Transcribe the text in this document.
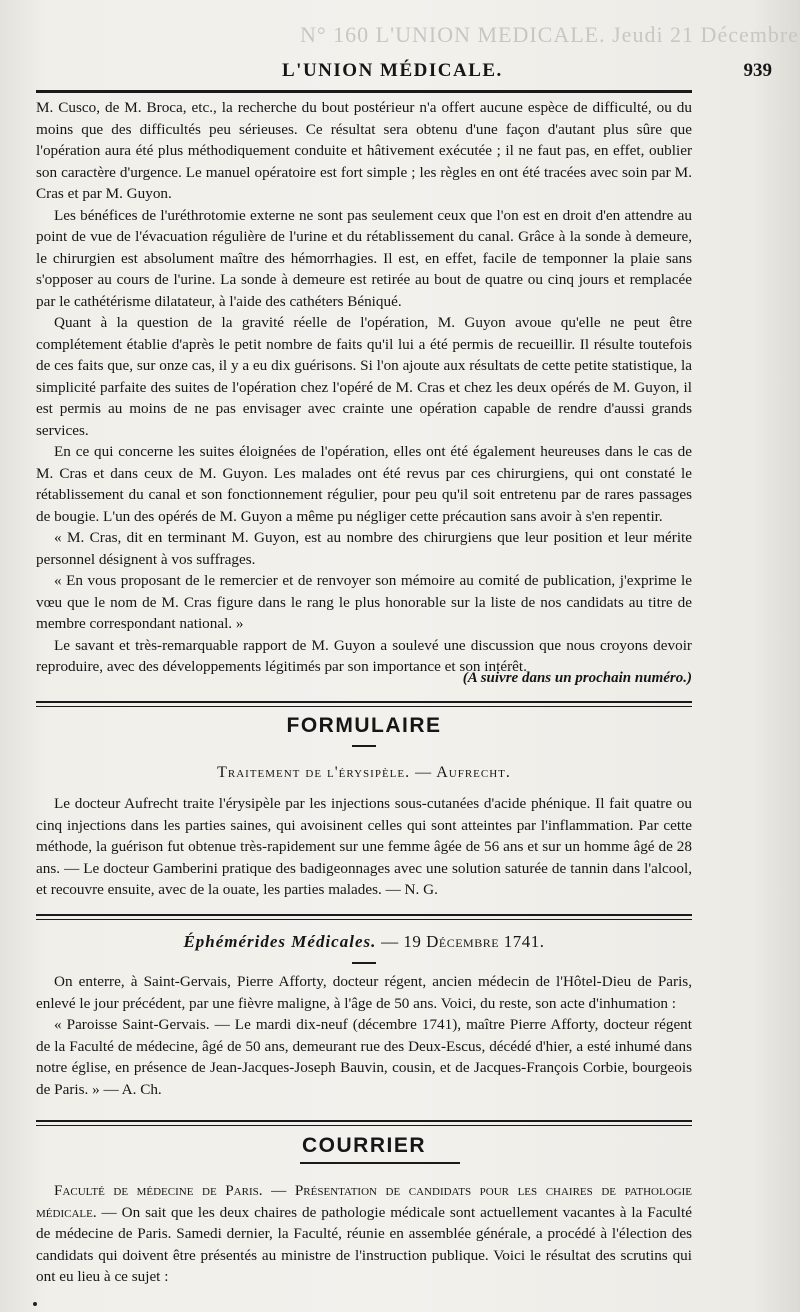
N° 160 L'UNION MEDICALE. Jeudi 21 Décembre
L'UNION MÉDICALE.	939

M. Cusco, de M. Broca, etc., la recherche du bout postérieur n'a offert aucune espèce de difficulté, ou du moins que des difficultés peu sérieuses. Ce résultat sera obtenu d'une façon d'autant plus sûre que l'opération aura été plus méthodiquement conduite et hâtivement exécutée ; il ne faut pas, en effet, oublier son caractère d'urgence. Le manuel opératoire est fort simple ; les règles en ont été tracées avec soin par M. Cras et par M. Guyon.

Les bénéfices de l'uréthrotomie externe ne sont pas seulement ceux que l'on est en droit d'en attendre au point de vue de l'évacuation régulière de l'urine et du rétablissement du canal. Grâce à la sonde à demeure, le chirurgien est absolument maître des hémorrhagies. Il est, en effet, facile de temponner la plaie sans s'opposer au cours de l'urine. La sonde à demeure est retirée au bout de quatre ou cinq jours et remplacée par le cathétérisme dilatateur, à l'aide des cathéters Béniqué.

Quant à la question de la gravité réelle de l'opération, M. Guyon avoue qu'elle ne peut être complétement établie d'après le petit nombre de faits qu'il lui a été permis de recueillir. Il résulte toutefois de ces faits que, sur onze cas, il y a eu dix guérisons. Si l'on ajoute aux résultats de cette petite statistique, la simplicité parfaite des suites de l'opération chez l'opéré de M. Cras et chez les deux opérés de M. Guyon, il est permis au moins de ne pas envisager avec crainte une opération capable de rendre d'aussi grands services.

En ce qui concerne les suites éloignées de l'opération, elles ont été également heureuses dans le cas de M. Cras et dans ceux de M. Guyon. Les malades ont été revus par ces chirurgiens, qui ont constaté le rétablissement du canal et son fonctionnement régulier, pour peu qu'il soit entretenu par de rares passages de bougie. L'un des opérés de M. Guyon a même pu négliger cette précaution sans avoir à s'en repentir.

« M. Cras, dit en terminant M. Guyon, est au nombre des chirurgiens que leur position et leur mérite personnel désignent à vos suffrages.

« En vous proposant de le remercier et de renvoyer son mémoire au comité de publication, j'exprime le vœu que le nom de M. Cras figure dans le rang le plus honorable sur la liste de nos candidats au titre de membre correspondant national. »

Le savant et très-remarquable rapport de M. Guyon a soulevé une discussion que nous croyons devoir reproduire, avec des développements légitimés par son importance et son intérêt.

(A suivre dans un prochain numéro.)
FORMULAIRE
Traitement de l'érysipèle. — Aufrecht.

Le docteur Aufrecht traite l'érysipèle par les injections sous-cutanées d'acide phénique. Il fait quatre ou cinq injections dans les parties saines, qui avoisinent celles qui sont atteintes par l'inflammation. Par cette méthode, la guérison fut obtenue très-rapidement sur une femme âgée de 56 ans et sur un homme âgé de 28 ans. — Le docteur Gamberini pratique des badigeonnages avec une solution saturée de tannin dans l'alcool, et recouvre ensuite, avec de la ouate, les parties malades. — N. G.

Éphémérides Médicales. — 19 Décembre 1741.

On enterre, à Saint-Gervais, Pierre Afforty, docteur régent, ancien médecin de l'Hôtel-Dieu de Paris, enlevé le jour précédent, par une fièvre maligne, à l'âge de 50 ans. Voici, du reste, son acte d'inhumation :

« Paroisse Saint-Gervais. — Le mardi dix-neuf (décembre 1741), maître Pierre Afforty, docteur régent de la Faculté de médecine, âgé de 50 ans, demeurant rue des Deux-Escus, décédé d'hier, a esté inhumé dans notre église, en présence de Jean-Jacques-Joseph Bauvin, cousin, et de Jacques-François Corbie, bourgeois de Paris. » — A. Ch.

COURRIER

Faculté de médecine de Paris. — Présentation de candidats pour les chaires de pathologie médicale. — On sait que les deux chaires de pathologie médicale sont actuellement vacantes à la Faculté de médecine de Paris. Samedi dernier, la Faculté, réunie en assemblée générale, a procédé à l'élection des candidats qui doivent être présentés au ministre de l'instruction publique. Voici le résultat des scrutins qui ont eu lieu à ce sujet :
